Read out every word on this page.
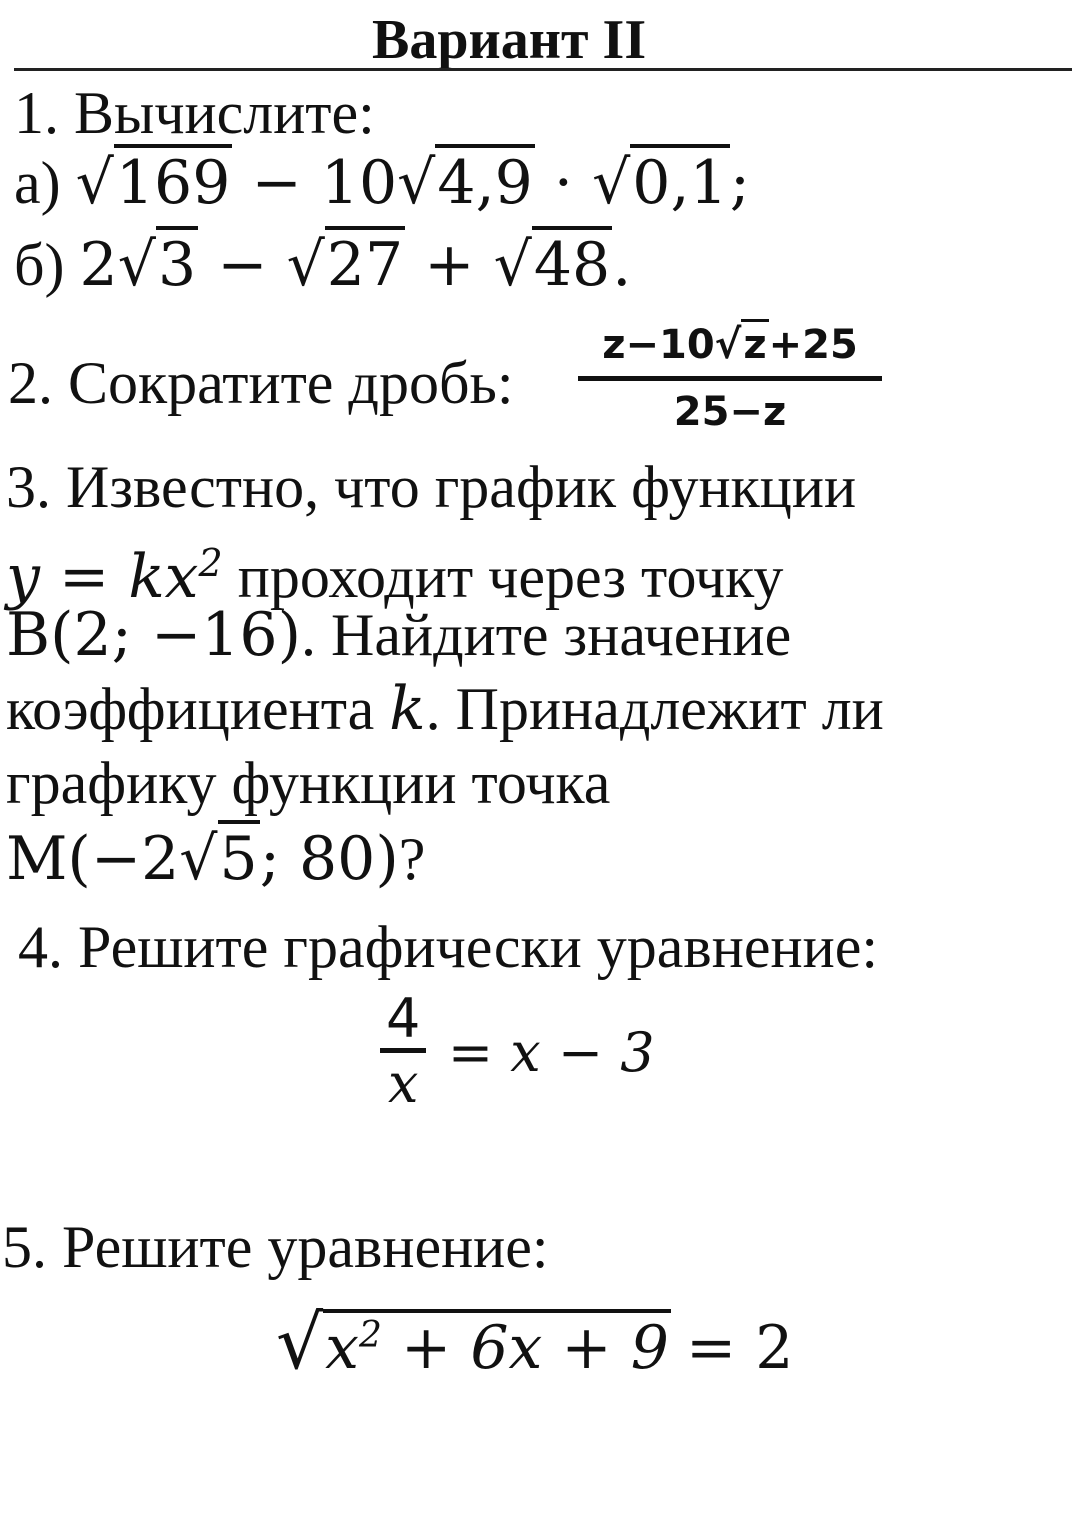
Вариант II
1. Вычислите:
а) √169 − 10√4,9 · √0,1;
б) 2√3 − √27 + √48.
2. Сократите дробь: $\frac{z-10√z+25}{25-z}$
3. Известно, что график функции
$y = kx^2$ проходит через точку
B(2; −16). Найдите значение
коэффициента k. Принадлежит ли
графику функции точка
M(−2√5; 80)?
4. Решите графически уравнение:
$\frac{4}{x} = x - 3$
5. Решите уравнение:
$√x^2 + 6x + 9 = 2$
